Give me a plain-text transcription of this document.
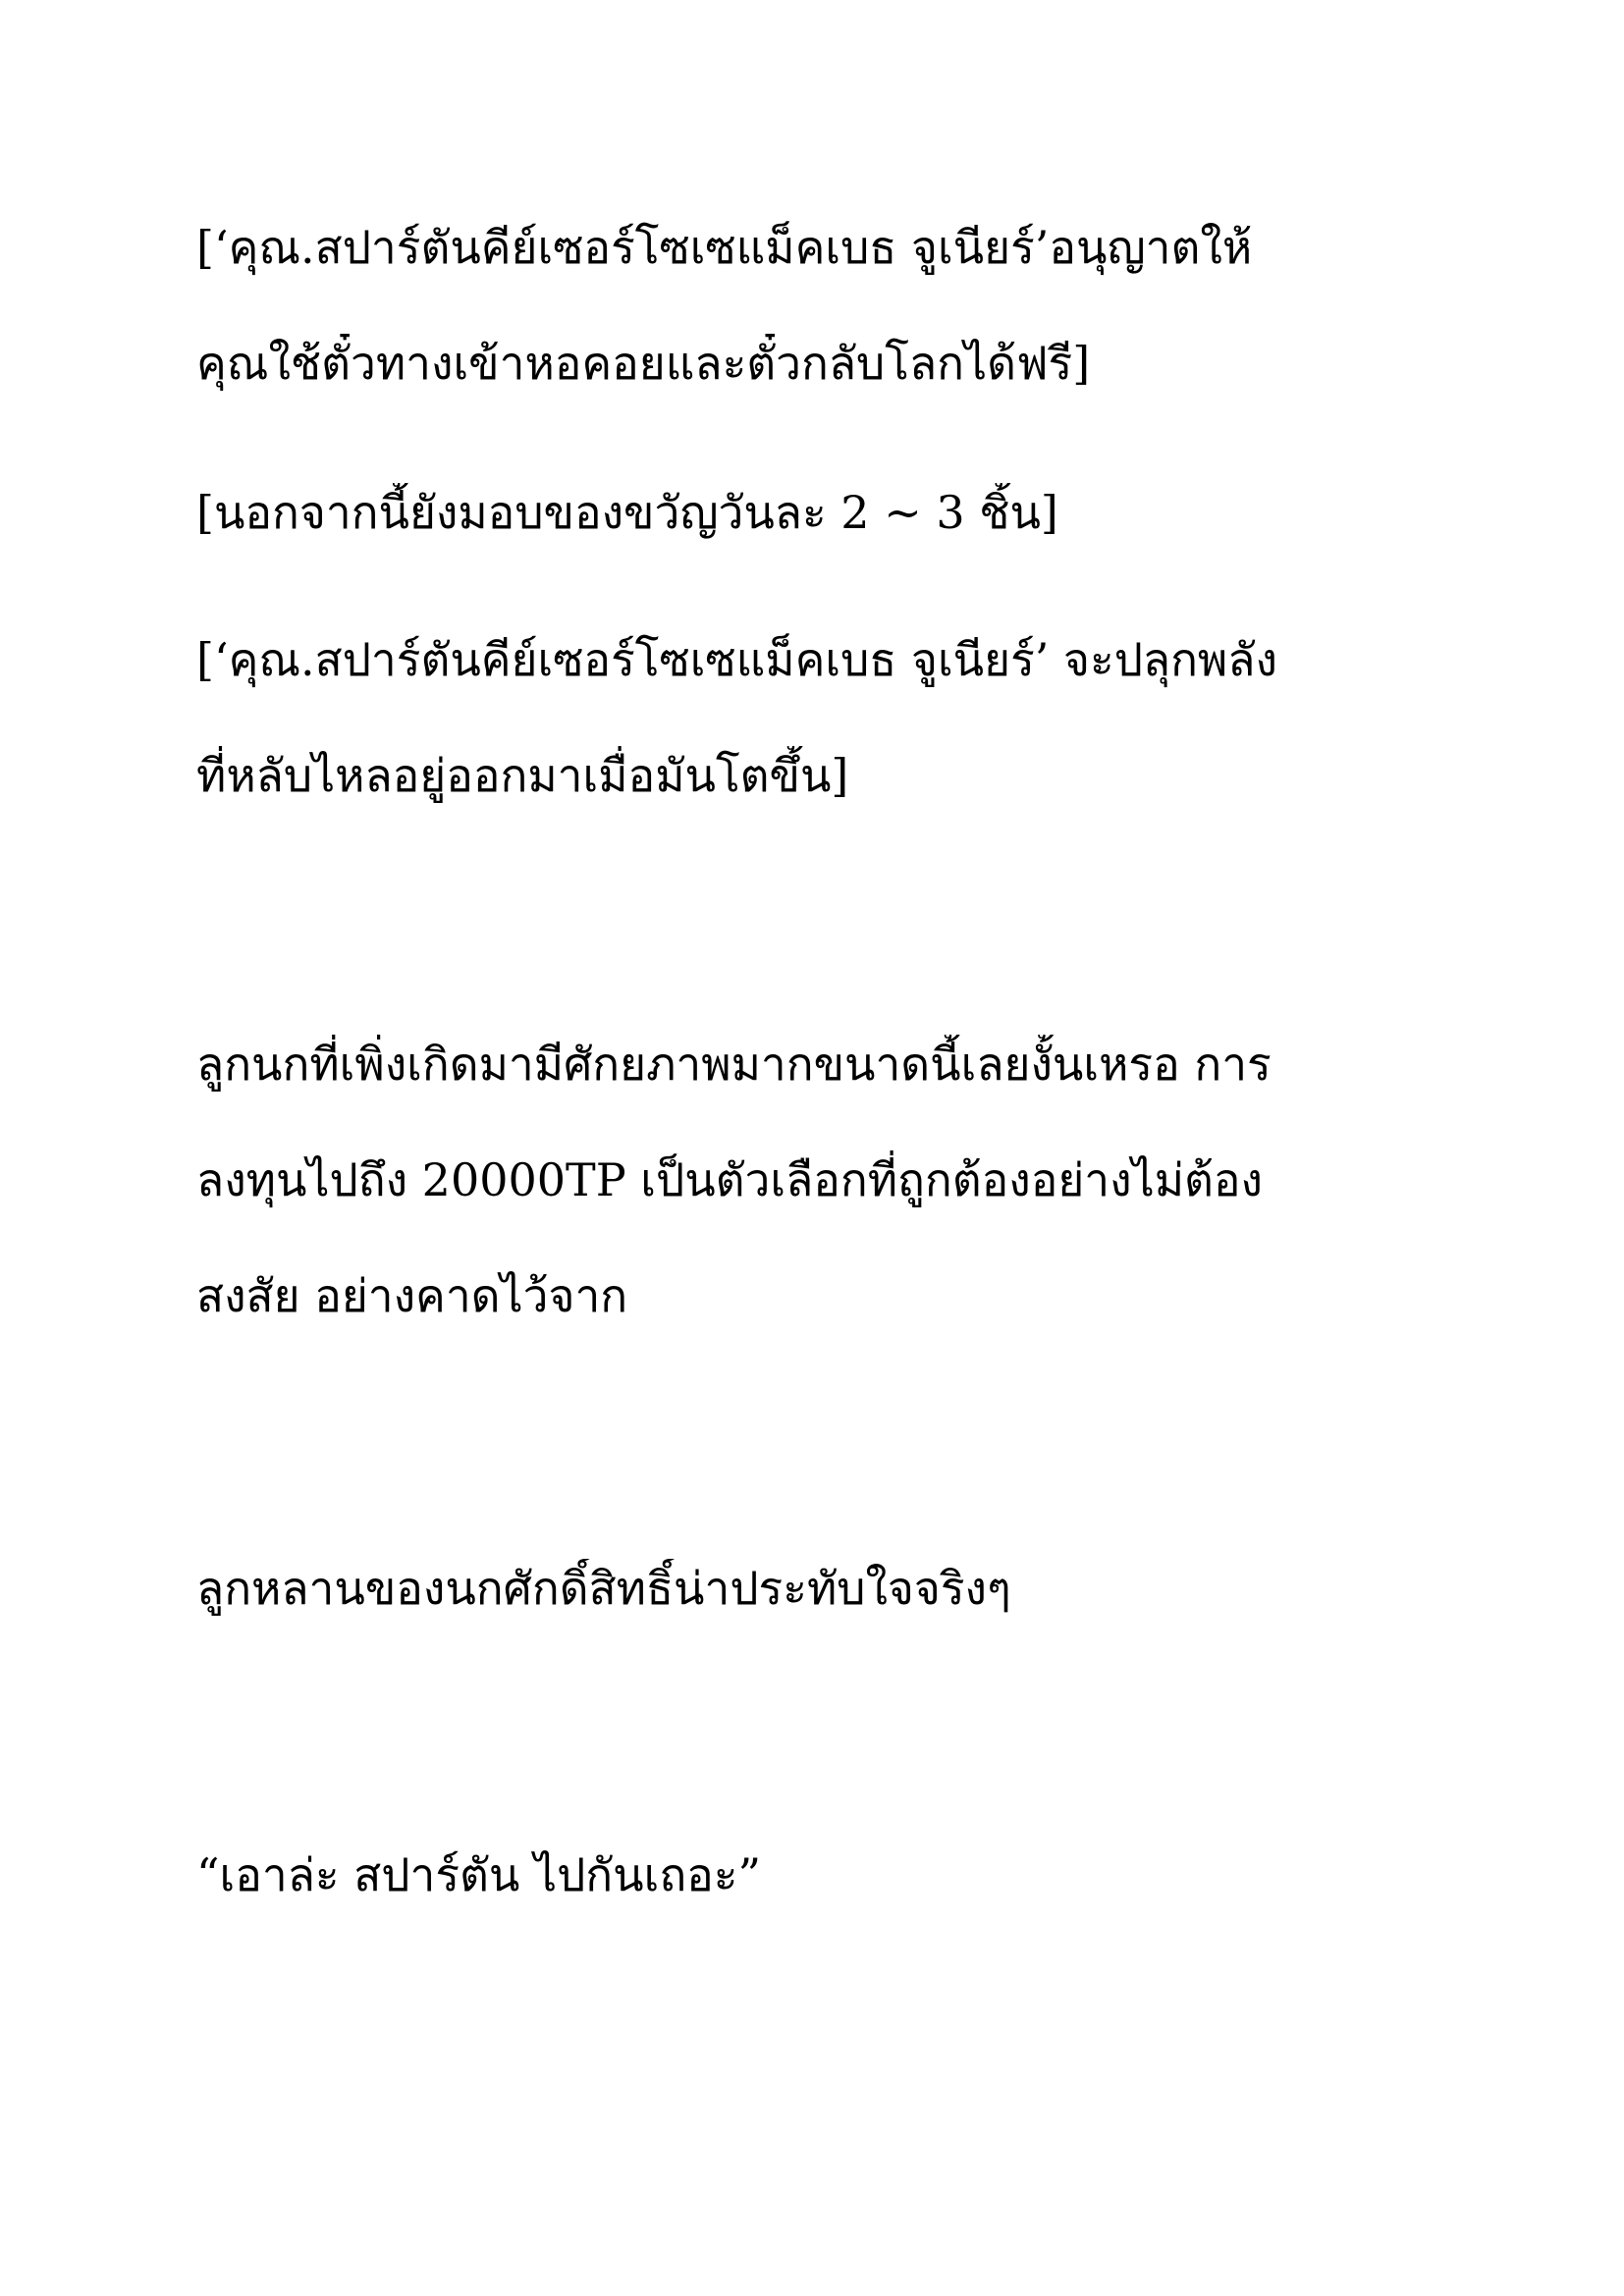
[‘คุณ.สปาร์ตันคีย์เซอร์โซเซแม็คเบธ จูเนียร์’อนุญาตให้

คุณใช้ตั๋วทางเข้าหอคอยและตั๋วกลับโลกได้ฟรี]

[นอกจากนี้ยังมอบของขวัญวันละ 2 ~ 3 ชิ้น]

[‘คุณ.สปาร์ตันคีย์เซอร์โซเซแม็คเบธ จูเนียร์’ จะปลุกพลัง

ที่หลับไหลอยู่ออกมาเมื่อมันโตขึ้น]

ลูกนกที่เพิ่งเกิดมามีศักยภาพมากขนาดนี้เลยงั้นเหรอ การ

ลงทุนไปถึง 20000TP เป็นตัวเลือกที่ถูกต้องอย่างไม่ต้อง

สงสัย อย่างคาดไว้จาก

ลูกหลานของนกศักดิ์สิทธิ์น่าประทับใจจริงๆ

“เอาล่ะ สปาร์ตัน ไปกันเถอะ”
